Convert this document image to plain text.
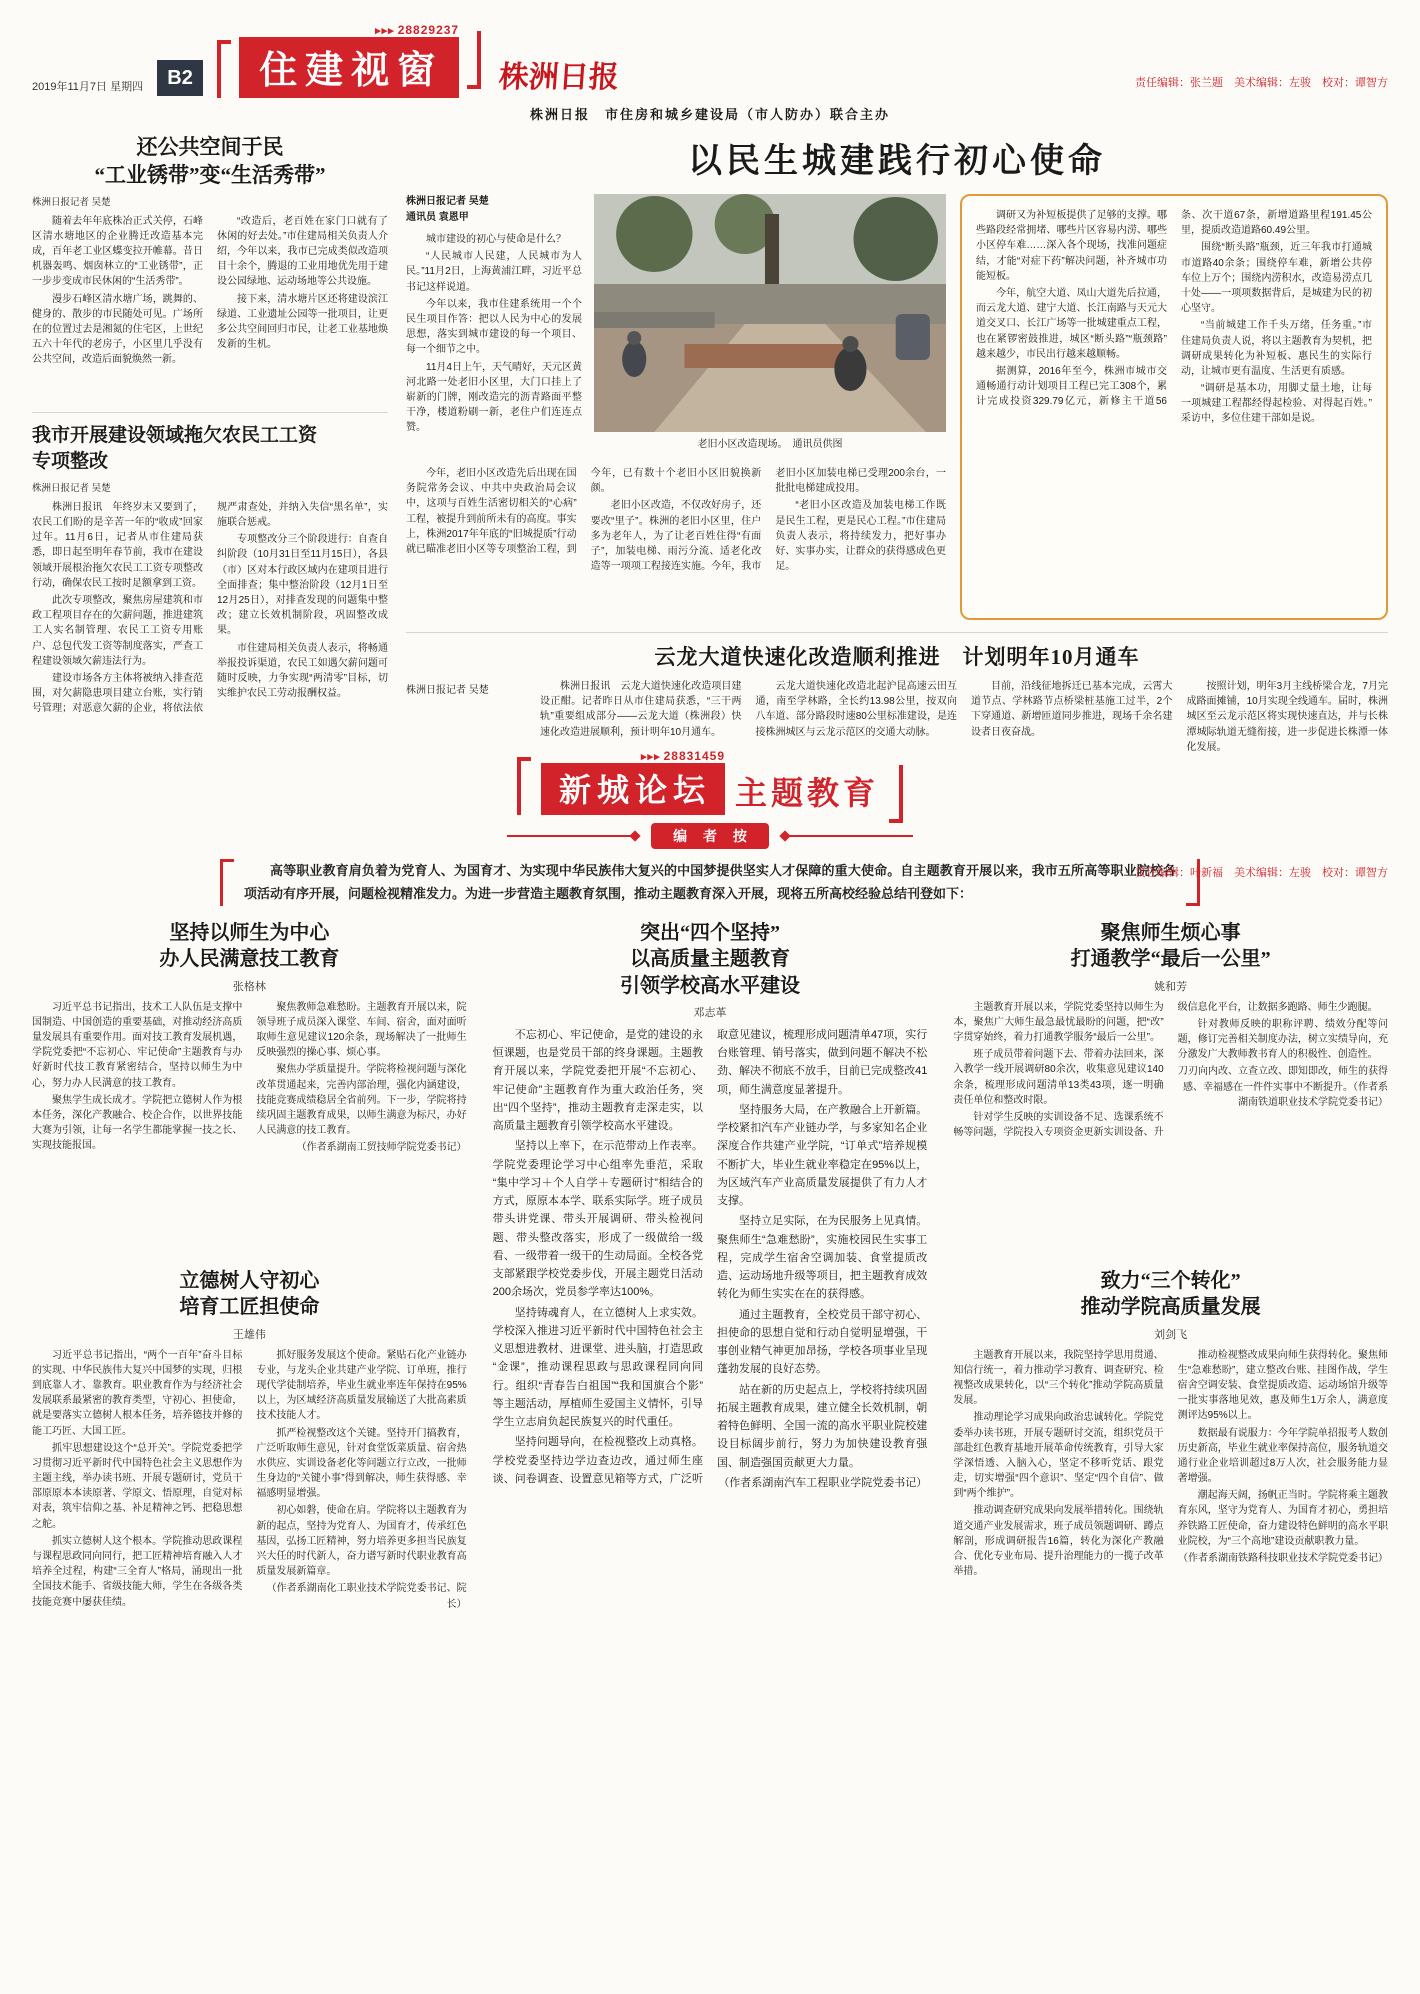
2019年11月7日 星期四	B2
▸▸▸ 28829237
住建视窗	株洲日报	责任编辑：张兰题　美术编辑：左骏　校对：谭智方
株洲日报　市住房和城乡建设局（市人防办）联合主办
还公共空间于民
“工业锈带”变“生活秀带”
株洲日报记者 吴楚

随着去年年底株冶正式关停，石峰区清水塘地区的企业腾迁改造基本完成，百年老工业区蝶变拉开帷幕。昔日机器轰鸣、烟囱林立的“工业锈带”，正一步步变成市民休闲的“生活秀带”。

漫步石峰区清水塘广场，跳舞的、健身的、散步的市民随处可见。广场所在的位置过去是湘氮的住宅区，上世纪五六十年代的老房子，小区里几乎没有公共空间，改造后面貌焕然一新。

“改造后，老百姓在家门口就有了休闲的好去处。”市住建局相关负责人介绍，今年以来，我市已完成类似改造项目十余个，腾退的工业用地优先用于建设公园绿地、运动场地等公共设施。

接下来，清水塘片区还将建设滨江绿道、工业遗址公园等一批项目，让更多公共空间回归市民，让老工业基地焕发新的生机。

我市开展建设领域拖欠农民工工资
专项整改
株洲日报记者 吴楚

株洲日报讯　年终岁末又要到了，农民工们盼的是辛苦一年的“收成”回家过年。11月6日，记者从市住建局获悉，即日起至明年春节前，我市在建设领域开展根治拖欠农民工工资专项整改行动，确保农民工按时足额拿到工资。

此次专项整改，聚焦房屋建筑和市政工程项目存在的欠薪问题，推进建筑工人实名制管理、农民工工资专用账户、总包代发工资等制度落实，严查工程建设领域欠薪违法行为。

建设市场各方主体将被纳入排查范围，对欠薪隐患项目建立台账，实行销号管理；对恶意欠薪的企业，将依法依规严肃查处，并纳入失信“黑名单”，实施联合惩戒。

专项整改分三个阶段进行：自查自纠阶段（10月31日至11月15日），各县（市）区对本行政区域内在建项目进行全面排查；集中整治阶段（12月1日至12月25日），对排查发现的问题集中整改；建立长效机制阶段，巩固整改成果。

市住建局相关负责人表示，将畅通举报投诉渠道，农民工如遇欠薪问题可随时反映，力争实现“两清零”目标，切实维护农民工劳动报酬权益。

以民生城建践行初心使命
株洲日报记者 吴楚
通讯员 袁恩甲

城市建设的初心与使命是什么？

“人民城市人民建，人民城市为人民。”11月2日，上海黄浦江畔，习近平总书记这样说道。

今年以来，我市住建系统用一个个民生项目作答：把以人民为中心的发展思想，落实到城市建设的每一个项目、每一个细节之中。

11月4日上午，天气晴好，天元区黄河北路一处老旧小区里，大门口挂上了崭新的门牌，刚改造完的沥青路面平整干净，楼道粉刷一新，老住户们连连点赞。

老旧小区改造现场。　通讯员供图

今年，老旧小区改造先后出现在国务院常务会议、中共中央政治局会议中，这项与百姓生活密切相关的“心病”工程，被提升到前所未有的高度。事实上，株洲2017年年底的“旧城提质”行动就已瞄准老旧小区等专项整治工程，到今年，已有数十个老旧小区旧貌换新颜。

老旧小区改造，不仅改好房子，还要改“里子”。株洲的老旧小区里，住户多为老年人，为了让老百姓住得“有面子”，加装电梯、雨污分流、适老化改造等一项项工程接连实施。今年，我市老旧小区加装电梯已受理200余台，一批批电梯建成投用。

“老旧小区改造及加装电梯工作既是民生工程，更是民心工程。”市住建局负责人表示，将持续发力，把好事办好、实事办实，让群众的获得感成色更足。

调研又为补短板提供了足够的支撑。哪些路段经常拥堵、哪些片区容易内涝、哪些小区停车难……深入各个现场，找准问题症结，才能“对症下药”解决问题，补齐城市功能短板。

今年，航空大道、凤山大道先后拉通，而云龙大道、建宁大道、长江南路与天元大道交叉口、长江广场等一批城建重点工程，也在紧锣密鼓推进，城区“断头路”“瓶颈路”越来越少，市民出行越来越顺畅。

据测算，2016年至今，株洲市城市交通畅通行动计划项目工程已完工308个，累计完成投资329.79亿元，新修主干道56条、次干道67条，新增道路里程191.45公里，提质改造道路60.49公里。

围绕“断头路”瓶颈，近三年我市打通城市道路40余条；围绕停车难，新增公共停车位上万个；围绕内涝积水，改造易涝点几十处——一项项数据背后，是城建为民的初心坚守。

“当前城建工作千头万绪，任务重。”市住建局负责人说，将以主题教育为契机，把调研成果转化为补短板、惠民生的实际行动，让城市更有温度、生活更有质感。

“调研是基本功，用脚丈量土地，让每一项城建工程都经得起检验、对得起百姓。”采访中，多位住建干部如是说。

云龙大道快速化改造顺利推进　计划明年10月通车
株洲日报记者 吴楚	株洲日报讯　云龙大道快速化改造项目建设正酣。记者昨日从市住建局获悉，“三干两轨”重要组成部分——云龙大道（株洲段）快速化改造进展顺利，预计明年10月通车。

云龙大道快速化改造北起沪昆高速云田互通，南至学林路，全长约13.98公里，按双向八车道、部分路段时速80公里标准建设，是连接株洲城区与云龙示范区的交通大动脉。

目前，沿线征地拆迁已基本完成，云霄大道节点、学林路节点桥梁桩基施工过半，2个下穿通道、新增匝道同步推进，现场千余名建设者日夜奋战。

按照计划，明年3月主线桥梁合龙，7月完成路面摊铺，10月实现全线通车。届时，株洲城区至云龙示范区将实现快速直达，并与长株潭城际轨道无缝衔接，进一步促进长株潭一体化发展。

▸▸▸ 28831459
新城论坛 主题教育
责任编辑：叶新福　美术编辑：左骏　校对：谭智方
编 者 按

高等职业教育肩负着为党育人、为国育才、为实现中华民族伟大复兴的中国梦提供坚实人才保障的重大使命。自主题教育开展以来，我市五所高等职业院校各项活动有序开展，问题检视精准发力。为进一步营造主题教育氛围，推动主题教育深入开展，现将五所高校经验总结刊登如下：

坚持以师生为中心
办人民满意技工教育
张格林

习近平总书记指出，技术工人队伍是支撑中国制造、中国创造的重要基础，对推动经济高质量发展具有重要作用。面对技工教育发展机遇，学院党委把“不忘初心、牢记使命”主题教育与办好新时代技工教育紧密结合，坚持以师生为中心，努力办人民满意的技工教育。

聚焦学生成长成才。学院把立德树人作为根本任务，深化产教融合、校企合作，以世界技能大赛为引领，让每一名学生都能掌握一技之长、实现技能报国。

聚焦教师急难愁盼。主题教育开展以来，院领导班子成员深入课堂、车间、宿舍，面对面听取师生意见建议120余条，现场解决了一批师生反映强烈的操心事、烦心事。

聚焦办学质量提升。学院将检视问题与深化改革贯通起来，完善内部治理，强化内涵建设，技能竞赛成绩稳居全省前列。下一步，学院将持续巩固主题教育成果，以师生满意为标尺，办好人民满意的技工教育。

（作者系湖南工贸技师学院党委书记）

立德树人守初心
培育工匠担使命
王雄伟

习近平总书记指出，“两个一百年”奋斗目标的实现、中华民族伟大复兴中国梦的实现，归根到底靠人才、靠教育。职业教育作为与经济社会发展联系最紧密的教育类型，守初心、担使命，就是要落实立德树人根本任务，培养德技并修的能工巧匠、大国工匠。

抓牢思想建设这个“总开关”。学院党委把学习贯彻习近平新时代中国特色社会主义思想作为主题主线，举办读书班、开展专题研讨，党员干部原原本本读原著、学原文、悟原理，自觉对标对表，筑牢信仰之基、补足精神之钙、把稳思想之舵。

抓实立德树人这个根本。学院推动思政课程与课程思政同向同行，把工匠精神培育融入人才培养全过程，构建“三全育人”格局，涌现出一批全国技术能手、省级技能大师，学生在各级各类技能竞赛中屡获佳绩。

抓好服务发展这个使命。紧贴石化产业链办专业，与龙头企业共建产业学院、订单班，推行现代学徒制培养，毕业生就业率连年保持在95%以上，为区域经济高质量发展输送了大批高素质技术技能人才。

抓严检视整改这个关键。坚持开门搞教育，广泛听取师生意见，针对食堂饭菜质量、宿舍热水供应、实训设备老化等问题立行立改，一批师生身边的“关键小事”得到解决，师生获得感、幸福感明显增强。

初心如磐，使命在肩。学院将以主题教育为新的起点，坚持为党育人、为国育才，传承红色基因，弘扬工匠精神，努力培养更多担当民族复兴大任的时代新人，奋力谱写新时代职业教育高质量发展新篇章。

（作者系湖南化工职业技术学院党委书记、院长）

突出“四个坚持”
以高质量主题教育
引领学校高水平建设
邓志革

不忘初心、牢记使命，是党的建设的永恒课题，也是党员干部的终身课题。主题教育开展以来，学院党委把开展“不忘初心、牢记使命”主题教育作为重大政治任务，突出“四个坚持”，推动主题教育走深走实，以高质量主题教育引领学校高水平建设。

坚持以上率下，在示范带动上作表率。学院党委理论学习中心组率先垂范，采取“集中学习＋个人自学＋专题研讨”相结合的方式，原原本本学、联系实际学。班子成员带头讲党课、带头开展调研、带头检视问题、带头整改落实，形成了一级做给一级看、一级带着一级干的生动局面。全校各党支部紧跟学校党委步伐，开展主题党日活动200余场次，党员参学率达100%。

坚持铸魂育人，在立德树人上求实效。学校深入推进习近平新时代中国特色社会主义思想进教材、进课堂、进头脑，打造思政“金课”，推动课程思政与思政课程同向同行。组织“青春告白祖国”“我和国旗合个影”等主题活动，厚植师生爱国主义情怀，引导学生立志肩负起民族复兴的时代重任。

坚持问题导向，在检视整改上动真格。学校党委坚持边学边查边改，通过师生座谈、问卷调查、设置意见箱等方式，广泛听取意见建议，梳理形成问题清单47项，实行台账管理、销号落实，做到问题不解决不松劲、解决不彻底不放手，目前已完成整改41项，师生满意度显著提升。

坚持服务大局，在产教融合上开新篇。学校紧扣汽车产业链办学，与多家知名企业深度合作共建产业学院，“订单式”培养规模不断扩大，毕业生就业率稳定在95%以上，为区域汽车产业高质量发展提供了有力人才支撑。

坚持立足实际，在为民服务上见真情。聚焦师生“急难愁盼”，实施校园民生实事工程，完成学生宿舍空调加装、食堂提质改造、运动场地升级等项目，把主题教育成效转化为师生实实在在的获得感。

通过主题教育，全校党员干部守初心、担使命的思想自觉和行动自觉明显增强，干事创业精气神更加昂扬，学校各项事业呈现蓬勃发展的良好态势。

站在新的历史起点上，学校将持续巩固拓展主题教育成果，建立健全长效机制，朝着特色鲜明、全国一流的高水平职业院校建设目标阔步前行，努力为加快建设教育强国、制造强国贡献更大力量。

（作者系湖南汽车工程职业学院党委书记）

聚焦师生烦心事
打通教学“最后一公里”
姚和芳

主题教育开展以来，学院党委坚持以师生为本，聚焦广大师生最急最忧最盼的问题，把“改”字贯穿始终，着力打通教学服务“最后一公里”。

班子成员带着问题下去、带着办法回来，深入教学一线开展调研80余次，收集意见建议140余条，梳理形成问题清单13类43项，逐一明确责任单位和整改时限。

针对学生反映的实训设备不足、选课系统不畅等问题，学院投入专项资金更新实训设备、升级信息化平台，让数据多跑路、师生少跑腿。

针对教师反映的职称评聘、绩效分配等问题，修订完善相关制度办法，树立实绩导向，充分激发广大教师教书育人的积极性、创造性。

刀刃向内改、立查立改、即知即改，师生的获得感、幸福感在一件件实事中不断提升。（作者系湖南铁道职业技术学院党委书记）

致力“三个转化”
推动学院高质量发展
刘剑飞

主题教育开展以来，我院坚持学思用贯通、知信行统一，着力推动学习教育、调查研究、检视整改成果转化，以“三个转化”推动学院高质量发展。

推动理论学习成果向政治忠诚转化。学院党委举办读书班，开展专题研讨交流，组织党员干部赴红色教育基地开展革命传统教育，引导大家学深悟透、入脑入心，坚定不移听党话、跟党走，切实增强“四个意识”、坚定“四个自信”、做到“两个维护”。

推动调查研究成果向发展举措转化。围绕轨道交通产业发展需求，班子成员领题调研、蹲点解剖，形成调研报告16篇，转化为深化产教融合、优化专业布局、提升治理能力的一揽子改革举措。

推动检视整改成果向师生获得转化。聚焦师生“急难愁盼”，建立整改台账、挂图作战，学生宿舍空调安装、食堂提质改造、运动场馆升级等一批实事落地见效，惠及师生1万余人，满意度测评达95%以上。

数据最有说服力：今年学院单招报考人数创历史新高，毕业生就业率保持高位，服务轨道交通行业企业培训超过8万人次，社会服务能力显著增强。

潮起海天阔，扬帆正当时。学院将乘主题教育东风，坚守为党育人、为国育才初心，勇担培养铁路工匠使命，奋力建设特色鲜明的高水平职业院校，为“三个高地”建设贡献职教力量。

（作者系湖南铁路科技职业技术学院党委书记）
